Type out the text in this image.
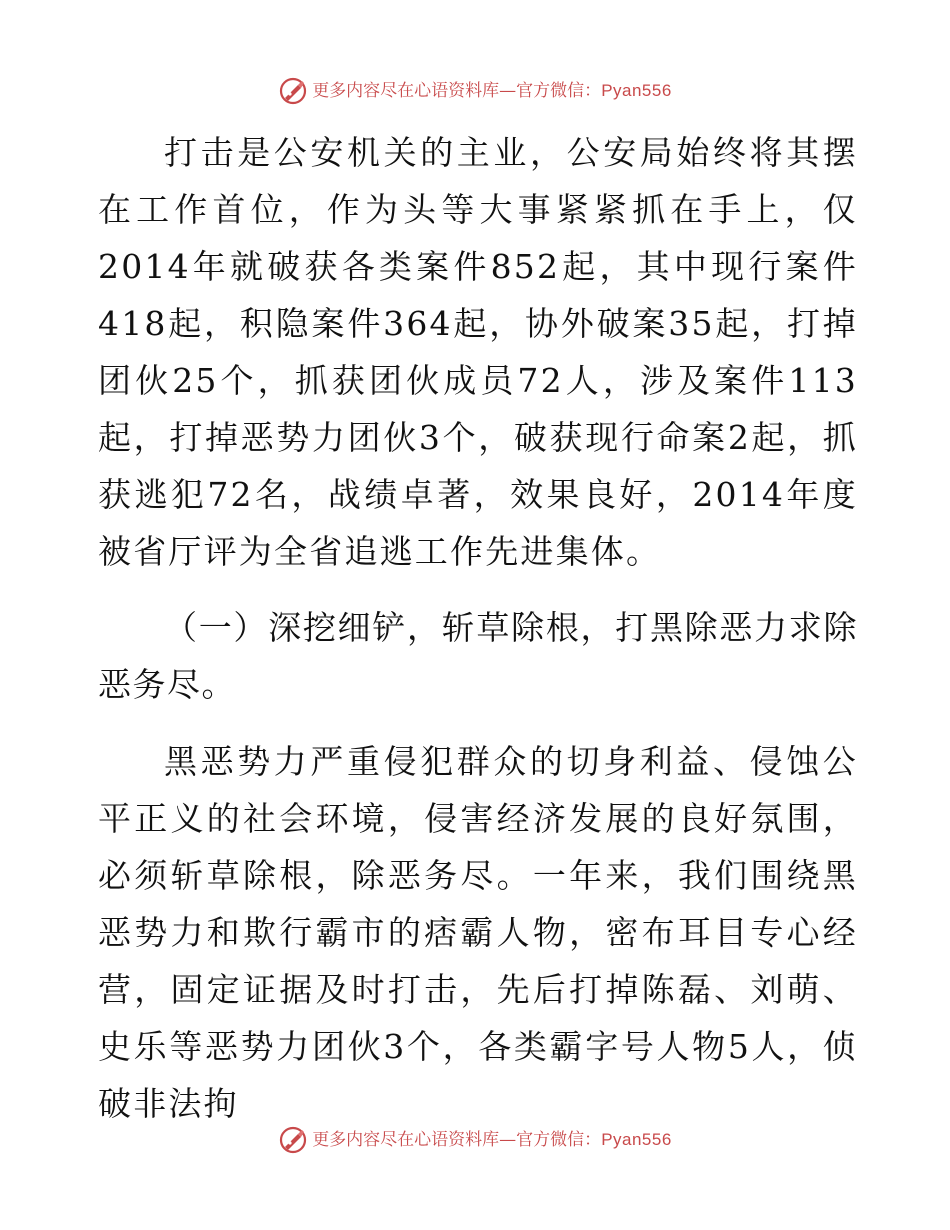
更多内容尽在心语资料库—官方微信： Pyan556

打击是公安机关的主业，公安局始终将其摆在工作首位，作为头等大事紧紧抓在手上，仅2014年就破获各类案件852起，其中现行案件418起，积隐案件364起，协外破案35起，打掉团伙25个，抓获团伙成员72人，涉及案件113起，打掉恶势力团伙3个，破获现行命案2起，抓获逃犯72名，战绩卓著，效果良好，2014年度被省厅评为全省追逃工作先进集体。

（一）深挖细铲，斩草除根，打黑除恶力求除恶务尽。

黑恶势力严重侵犯群众的切身利益、侵蚀公平正义的社会环境，侵害经济发展的良好氛围，必须斩草除根，除恶务尽。一年来，我们围绕黑恶势力和欺行霸市的痞霸人物，密布耳目专心经营，固定证据及时打击，先后打掉陈磊、刘萌、史乐等恶势力团伙3个，各类霸字号人物5人，侦破非法拘

更多内容尽在心语资料库—官方微信： Pyan556
